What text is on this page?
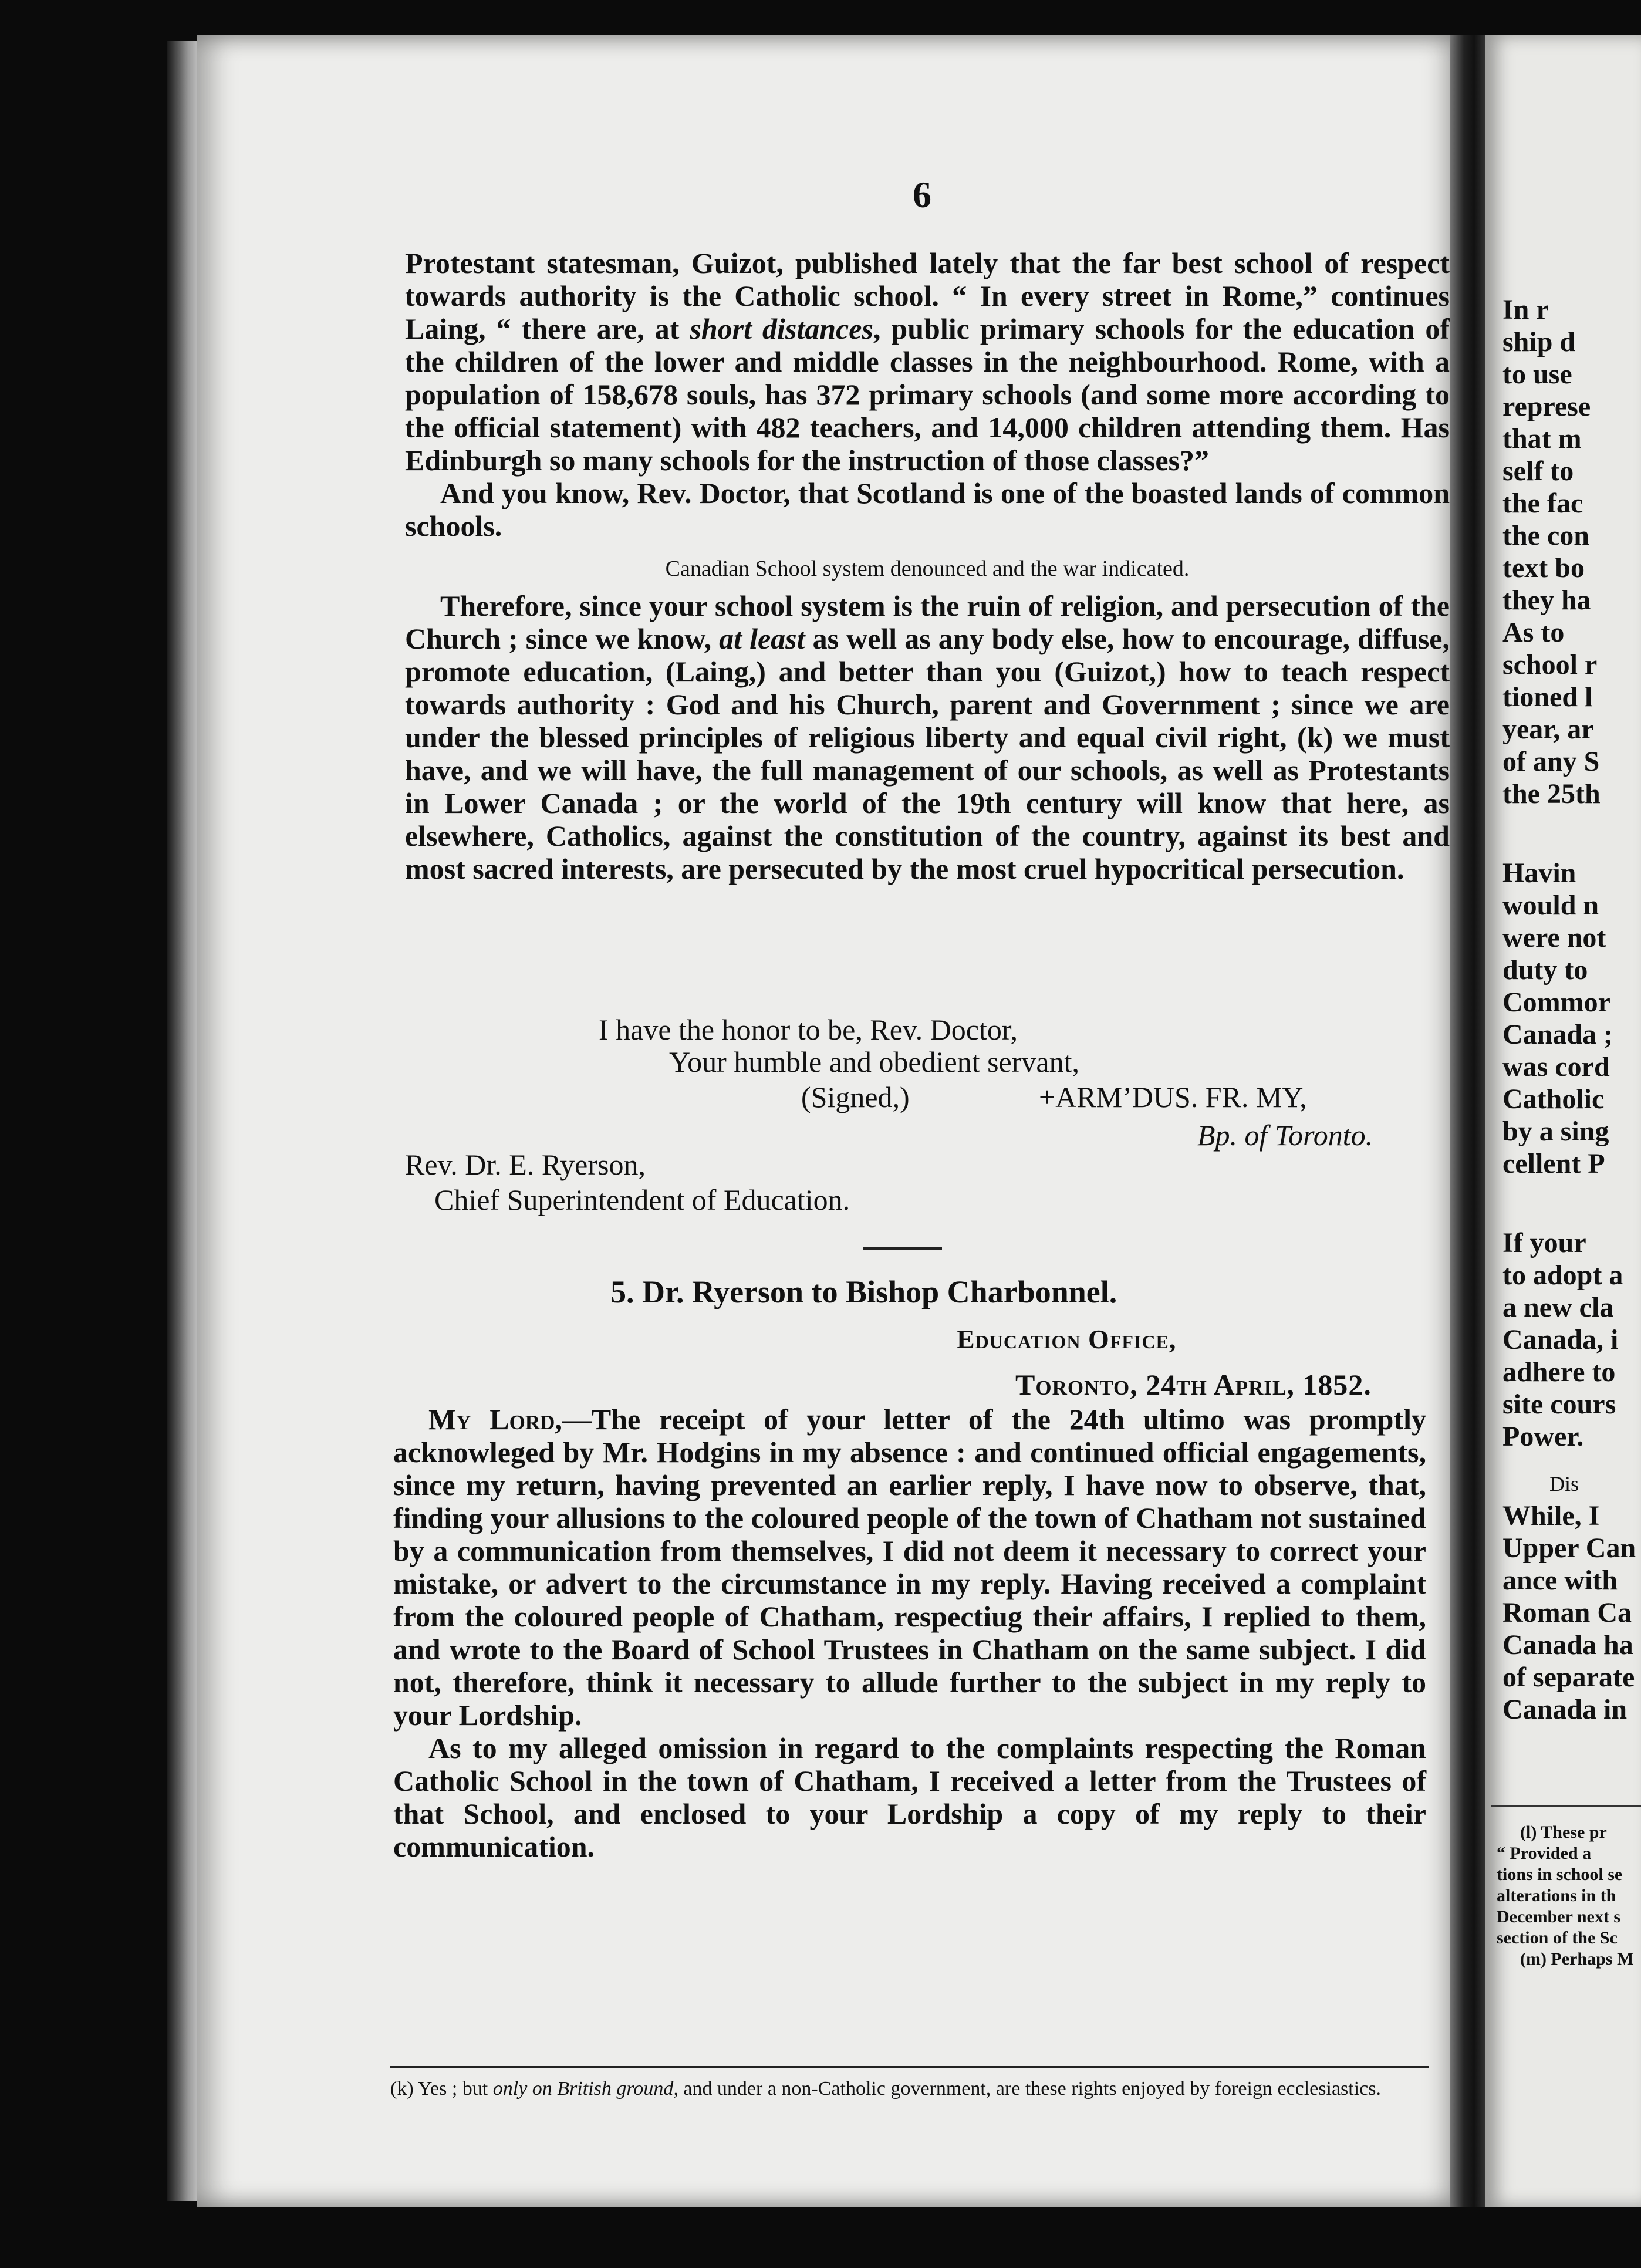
6

Protestant statesman, Guizot, published lately that the far best school of respect towards authority is the Catholic school. “ In every street in Rome,” continues Laing, “ there are, at short distances, public primary schools for the education of the children of the lower and middle classes in the neighbourhood. Rome, with a population of 158,678 souls, has 372 primary schools (and some more according to the official statement) with 482 teachers, and 14,000 children attending them. Has Edinburgh so many schools for the instruction of those classes?”

And you know, Rev. Doctor, that Scotland is one of the boasted lands of common schools.

Canadian School system denounced and the war indicated.

Therefore, since your school system is the ruin of religion, and persecution of the Church ; since we know, at least as well as any body else, how to encourage, diffuse, promote education, (Laing,) and better than you (Guizot,) how to teach respect towards authority : God and his Church, parent and Government ; since we are under the blessed principles of religious liberty and equal civil right, (k) we must have, and we will have, the full management of our schools, as well as Protestants in Lower Canada ; or the world of the 19th century will know that here, as elsewhere, Catholics, against the constitution of the country, against its best and most sacred interests, are persecuted by the most cruel hypocritical persecution.

I have the honor to be, Rev. Doctor,
Your humble and obedient servant,
(Signed,)	+ARM’DUS. FR. MY,
Bp. of Toronto.
Rev. Dr. E. Ryerson,
Chief Superintendent of Education.
5. Dr. Ryerson to Bishop Charbonnel.
Education Office,
Toronto, 24th April, 1852.

My Lord,—The receipt of your letter of the 24th ultimo was promptly acknowleged by Mr. Hodgins in my absence : and continued official engagements, since my return, having prevented an earlier reply, I have now to observe, that, finding your allusions to the coloured people of the town of Chatham not sustained by a communication from themselves, I did not deem it necessary to correct your mistake, or advert to the circumstance in my reply. Having received a complaint from the coloured people of Chatham, respectiug their affairs, I replied to them, and wrote to the Board of School Trustees in Chatham on the same subject. I did not, therefore, think it necessary to allude further to the subject in my reply to your Lordship.

As to my alleged omission in regard to the complaints respecting the Roman Catholic School in the town of Chatham, I received a letter from the Trustees of that School, and enclosed to your Lordship a copy of my reply to their communication.

(k) Yes ; but only on British ground, and under a non-Catholic government, are these rights enjoyed by foreign ecclesiastics.

In r
ship d
to use
represe
that m
self to
the fac
the con
text bo
they ha
As to
school r
tioned l
year, ar
of any S
the 25th
Havin
would n
were not
duty to
Commor
Canada ;
was cord
Catholic
by a sing
cellent P
If your
to adopt a
a new cla
Canada, i
adhere to
site cours
Power.
Dis
While, I
Upper Can
ance with
Roman Ca
Canada ha
of separate
Canada in
(l) These pr
“ Provided a
tions in school se
alterations in th
December next s
section of the Sc
(m) Perhaps M
